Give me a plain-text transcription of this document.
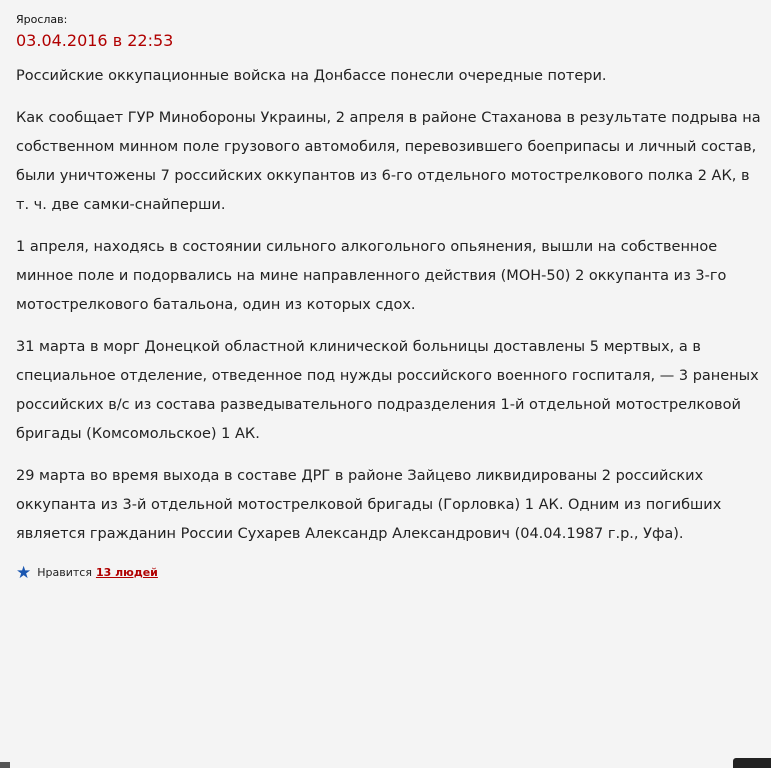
Ярослав:
03.04.2016 в 22:53

Российские оккупационные войска на Донбассе понесли очередные потери.

Как сообщает ГУР Минобороны Украины, 2 апреля в районе Стаханова в результате подрыва на собственном минном поле грузового автомобиля, перевозившего боеприпасы и личный состав, были уничтожены 7 российских оккупантов из 6-го отдельного мотострелкового полка 2 АК, в т. ч. две самки-снайперши.

1 апреля, находясь в состоянии сильного алкогольного опьянения, вышли на собственное минное поле и подорвались на мине направленного действия (МОН-50) 2 оккупанта из 3-го мотострелкового батальона, один из которых сдох.

31 марта в морг Донецкой областной клинической больницы доставлены 5 мертвых, а в специальное отделение, отведенное под нужды российского военного госпиталя, — 3 раненых российских в/с из состава разведывательного подразделения 1-й отдельной мотострелковой бригады (Комсомольское) 1 АК.

29 марта во время выхода в составе ДРГ в районе Зайцево ликвидированы 2 российских оккупанта из 3-й отдельной мотострелковой бригады (Горловка) 1 АК. Одним из погибших является гражданин России Сухарев Александр Александрович (04.04.1987 г.р., Уфа).

★ Нравится 13 людей
